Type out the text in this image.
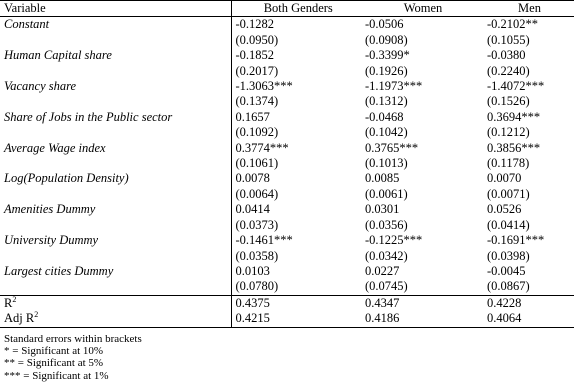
Variable	Both Genders	Women	Men
Constant	-0.1282	-0.0506	-0.2102**
	(0.0950)	(0.0908)	(0.1055)
Human Capital share	-0.1852	-0.3399*	-0.0380
	(0.2017)	(0.1926)	(0.2240)
Vacancy share	-1.3063***	-1.1973***	-1.4072***
	(0.1374)	(0.1312)	(0.1526)
Share of Jobs in the Public sector	0.1657	-0.0468	0.3694***
	(0.1092)	(0.1042)	(0.1212)
Average Wage index	0.3774***	0.3765***	0.3856***
	(0.1061)	(0.1013)	(0.1178)
Log(Population Density)	0.0078	0.0085	0.0070
	(0.0064)	(0.0061)	(0.0071)
Amenities Dummy	0.0414	0.0301	0.0526
	(0.0373)	(0.0356)	(0.0414)
University Dummy	-0.1461***	-0.1225***	-0.1691***
	(0.0358)	(0.0342)	(0.0398)
Largest cities Dummy	0.0103	0.0227	-0.0045
	(0.0780)	(0.0745)	(0.0867)
$R^2$	0.4375	0.4347	0.4228
Adj $R^2$	0.4215	0.4186	0.4064
Standard errors within brackets
* = Significant at 10%
** = Significant at 5%
*** = Significant at 1%
